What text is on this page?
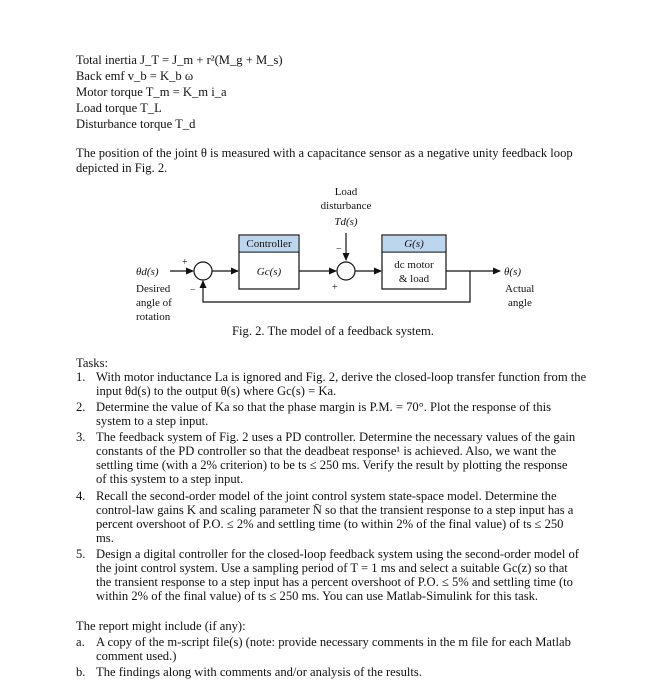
Total inertia J_T = J_m + r²(M_g + M_s)
Back emf v_b = K_b ω
Motor torque T_m = K_m i_a
Load torque T_L
Disturbance torque T_d
The position of the joint θ is measured with a capacitance sensor as a negative unity feedback loop
depicted in Fig. 2.
Load
disturbance
Td(s)
Controller
Gc(s)
G(s)
dc motor
& load
θd(s)
Desired
angle of
rotation
θ(s)
Actual
angle
+
−
−
+
Fig. 2. The model of a feedback system.
Tasks:
1. With motor inductance La is ignored and Fig. 2, derive the closed-loop transfer function from the
input θd(s) to the output θ(s) where Gc(s) = Ka.
2. Determine the value of Ka so that the phase margin is P.M. = 70°. Plot the response of this
system to a step input.
3. The feedback system of Fig. 2 uses a PD controller. Determine the necessary values of the gain
constants of the PD controller so that the deadbeat response¹ is achieved. Also, we want the
settling time (with a 2% criterion) to be ts ≤ 250 ms. Verify the result by plotting the response
of this system to a step input.
4. Recall the second-order model of the joint control system state-space model. Determine the
control-law gains K and scaling parameter N̄ so that the transient response to a step input has a
percent overshoot of P.O. ≤ 2% and settling time (to within 2% of the final value) of ts ≤ 250
ms.
5. Design a digital controller for the closed-loop feedback system using the second-order model of
the joint control system. Use a sampling period of T = 1 ms and select a suitable Gc(z) so that
the transient response to a step input has a percent overshoot of P.O. ≤ 5% and settling time (to
within 2% of the final value) of ts ≤ 250 ms. You can use Matlab-Simulink for this task.
The report might include (if any):
a. A copy of the m-script file(s) (note: provide necessary comments in the m file for each Matlab
comment used.)
b. The findings along with comments and/or analysis of the results.
